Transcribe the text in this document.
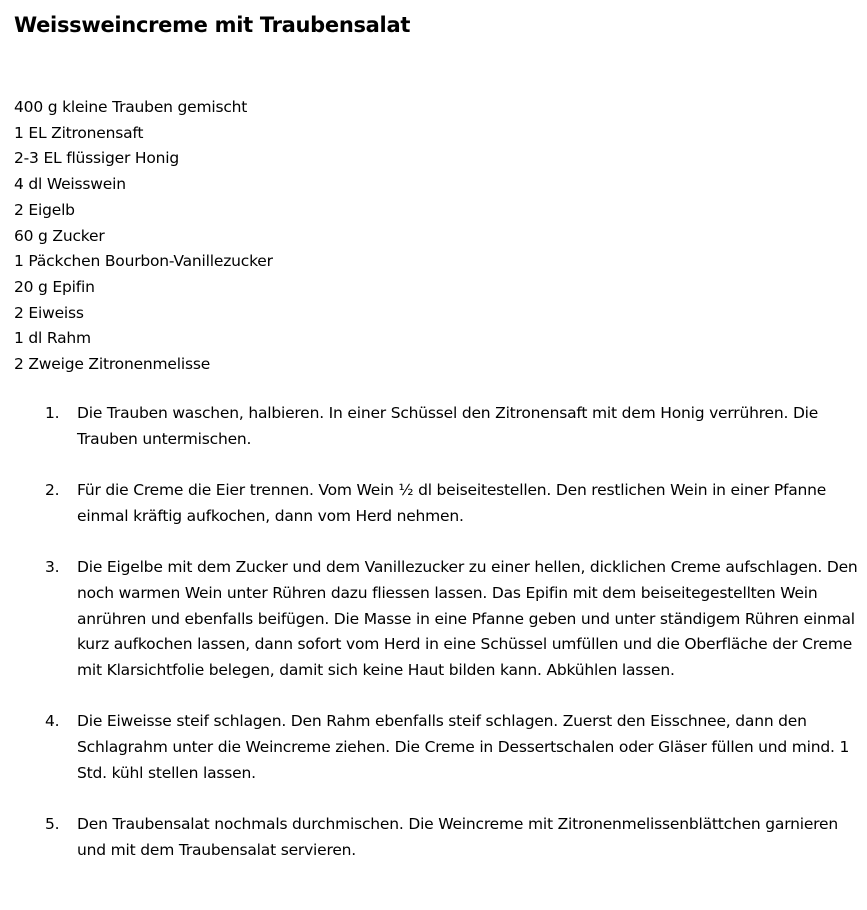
Weissweincreme mit Traubensalat
400 g kleine Trauben gemischt
1 EL Zitronensaft
2-3 EL flüssiger Honig
4 dl Weisswein
2 Eigelb
60 g Zucker
1 Päckchen Bourbon-Vanillezucker
20 g Epifin
2 Eiweiss
1 dl Rahm
2 Zweige Zitronenmelisse
1.	Die Trauben waschen, halbieren. In einer Schüssel den Zitronensaft mit dem Honig verrühren. Die Trauben untermischen.
2.	Für die Creme die Eier trennen. Vom Wein ½ dl beiseitestellen. Den restlichen Wein in einer Pfanne einmal kräftig aufkochen, dann vom Herd nehmen.
3.	Die Eigelbe mit dem Zucker und dem Vanillezucker zu einer hellen, dicklichen Creme aufschlagen. Den noch warmen Wein unter Rühren dazu fliessen lassen. Das Epifin mit dem beiseitegestellten Wein anrühren und ebenfalls beifügen. Die Masse in eine Pfanne geben und unter ständigem Rühren einmal kurz aufkochen lassen, dann sofort vom Herd in eine Schüssel umfüllen und die Oberfläche der Creme mit Klarsichtfolie belegen, damit sich keine Haut bilden kann. Abkühlen lassen.
4.	Die Eiweisse steif schlagen. Den Rahm ebenfalls steif schlagen. Zuerst den Eisschnee, dann den Schlagrahm unter die Weincreme ziehen. Die Creme in Dessertschalen oder Gläser füllen und mind. 1 Std. kühl stellen lassen.
5.	Den Traubensalat nochmals durchmischen. Die Weincreme mit Zitronenmelissenblättchen garnieren und mit dem Traubensalat servieren.
